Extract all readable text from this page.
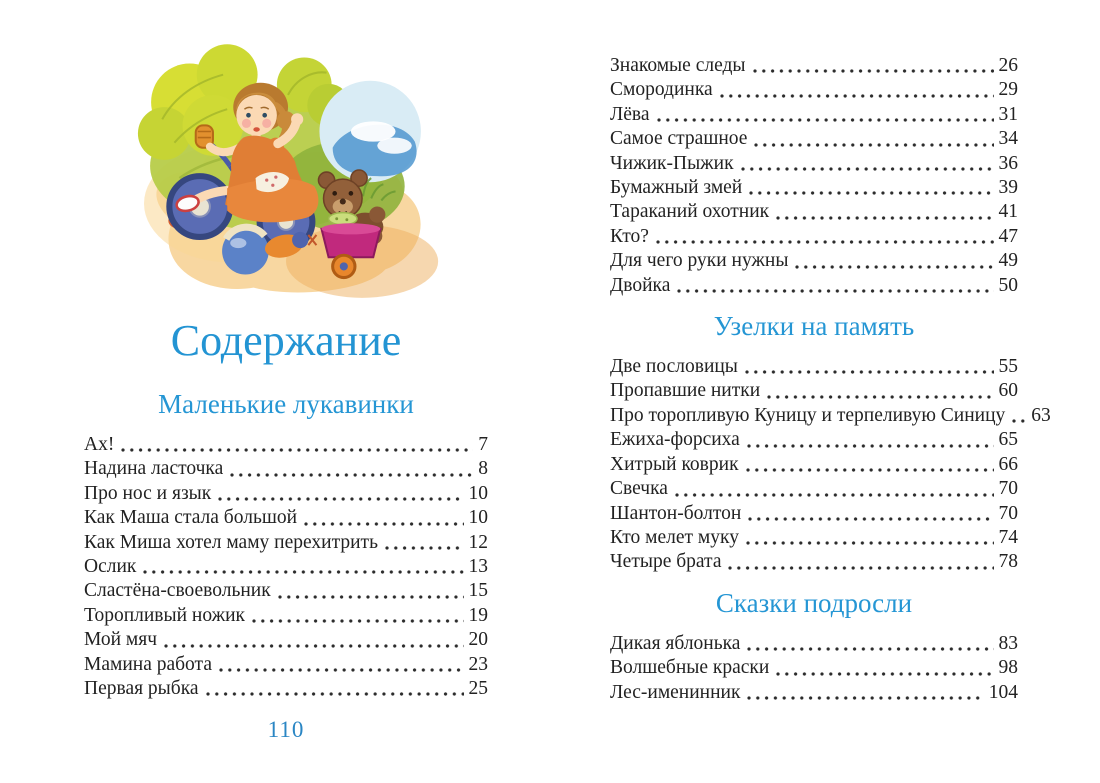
Содержание
Маленькие лукавинки
Ах!	7
Надина ласточка	8
Про нос и язык	10
Как Маша стала большой	10
Как Миша хотел маму перехитрить	12
Ослик	13
Сластёна-своевольник	15
Торопливый ножик	19
Мой мяч	20
Мамина работа	23
Первая рыбка	25
110
Знакомые следы	26
Смородинка	29
Лёва	31
Самое страшное	34
Чижик-Пыжик	36
Бумажный змей	39
Тараканий охотник	41
Кто?	47
Для чего руки нужны	49
Двойка	50
Узелки на память
Две пословицы	55
Пропавшие нитки	60
Про торопливую Куницу и терпеливую Синицу 63
Ежиха-форсиха	65
Хитрый коврик	66
Свечка	70
Шантон-болтон	70
Кто мелет муку	74
Четыре брата	78
Сказки подросли
Дикая яблонька	83
Волшебные краски	98
Лес-именинник	104
